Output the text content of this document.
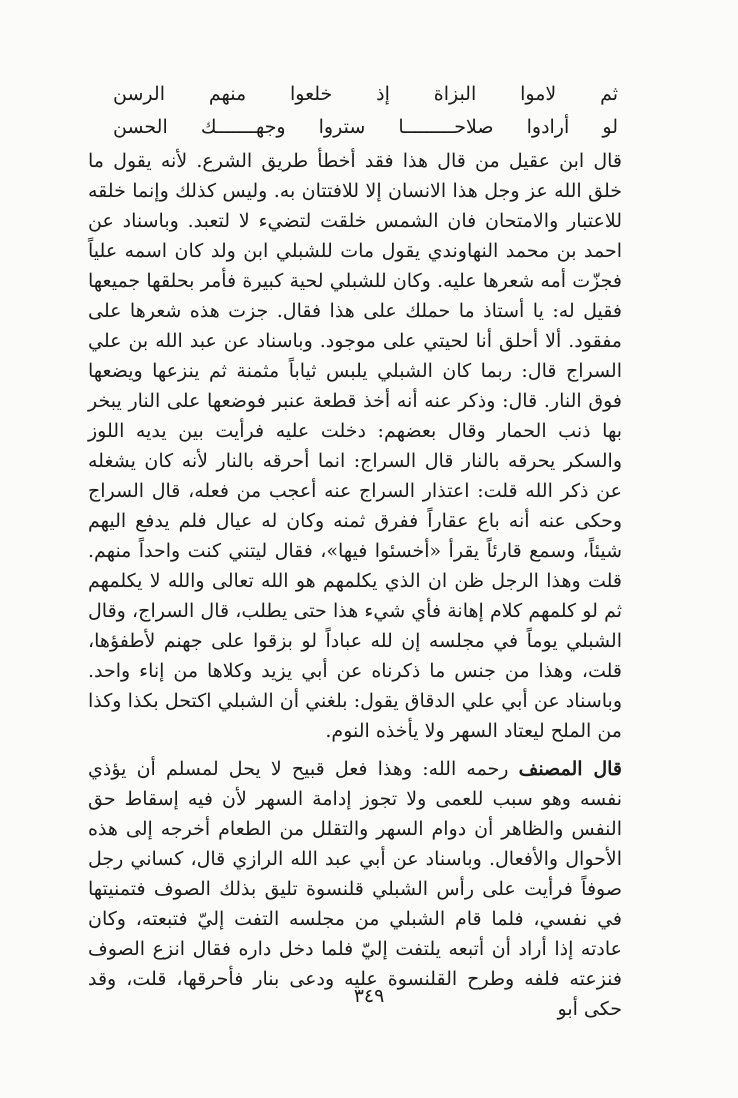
ثم
لاموا
البزاة
إذ
خلعوا
منهم
الرسن
لو
أرادوا
صلاحـــــــــا
ستروا
وجهـــــــك
الحسن

قال ابن عقيل من قال هذا فقد أخطأ طريق الشرع. لأنه يقول ما خلق الله عز وجل هذا الانسان إلا للافتتان به. وليس كذلك وإنما خلقه للاعتبار والامتحان فان الشمس خلقت لتضيء لا لتعبد. وباسناد عن احمد بن محمد النهاوندي يقول مات للشبلي ابن ولد كان اسمه علياً فجزّت أمه شعرها عليه. وكان للشبلي لحية كبيرة فأمر بحلقها جميعها فقيل له: يا أستاذ ما حملك على هذا فقال. جزت هذه شعرها على مفقود. ألا أحلق أنا لحيتي على موجود. وباسناد عن عبد الله بن علي السراج قال: ربما كان الشبلي يلبس ثياباً مثمنة ثم ينزعها ويضعها فوق النار. قال: وذكر عنه أنه أخذ قطعة عنبر فوضعها على النار يبخر بها ذنب الحمار وقال بعضهم: دخلت عليه فرأيت بين يديه اللوز والسكر يحرقه بالنار قال السراج: انما أحرقه بالنار لأنه كان يشغله عن ذكر الله قلت: اعتذار السراج عنه أعجب من فعله، قال السراج وحكى عنه أنه باع عقاراً ففرق ثمنه وكان له عيال فلم يدفع اليهم شيئاً، وسمع قارئاً يقرأ «أخسئوا فيها»، فقال ليتني كنت واحداً منهم. قلت وهذا الرجل ظن ان الذي يكلمهم هو الله تعالى والله لا يكلمهم ثم لو كلمهم كلام إهانة فأي شيء هذا حتى يطلب، قال السراج، وقال الشبلي يوماً في مجلسه إن لله عباداً لو بزقوا على جهنم لأطفؤها، قلت، وهذا من جنس ما ذكرناه عن أبي يزيد وكلاها من إناء واحد. وباسناد عن أبي علي الدقاق يقول: بلغني أن الشبلي اكتحل بكذا وكذا من الملح ليعتاد السهر ولا يأخذه النوم.

قال المصنف رحمه الله: وهذا فعل قبيح لا يحل لمسلم أن يؤذي نفسه وهو سبب للعمى ولا تجوز إدامة السهر لأن فيه إسقاط حق النفس والظاهر أن دوام السهر والتقلل من الطعام أخرجه إلى هذه الأحوال والأفعال. وباسناد عن أبي عبد الله الرازي قال، كساني رجل صوفاً فرأيت على رأس الشبلي قلنسوة تليق بذلك الصوف فتمنيتها في نفسي، فلما قام الشبلي من مجلسه التفت إليّ فتبعته، وكان عادته إذا أراد أن أتبعه يلتفت إليّ فلما دخل داره فقال انزع الصوف فنزعته فلفه وطرح القلنسوة عليه ودعى بنار فأحرقها، قلت، وقد حكى أبو

٣٤٩
